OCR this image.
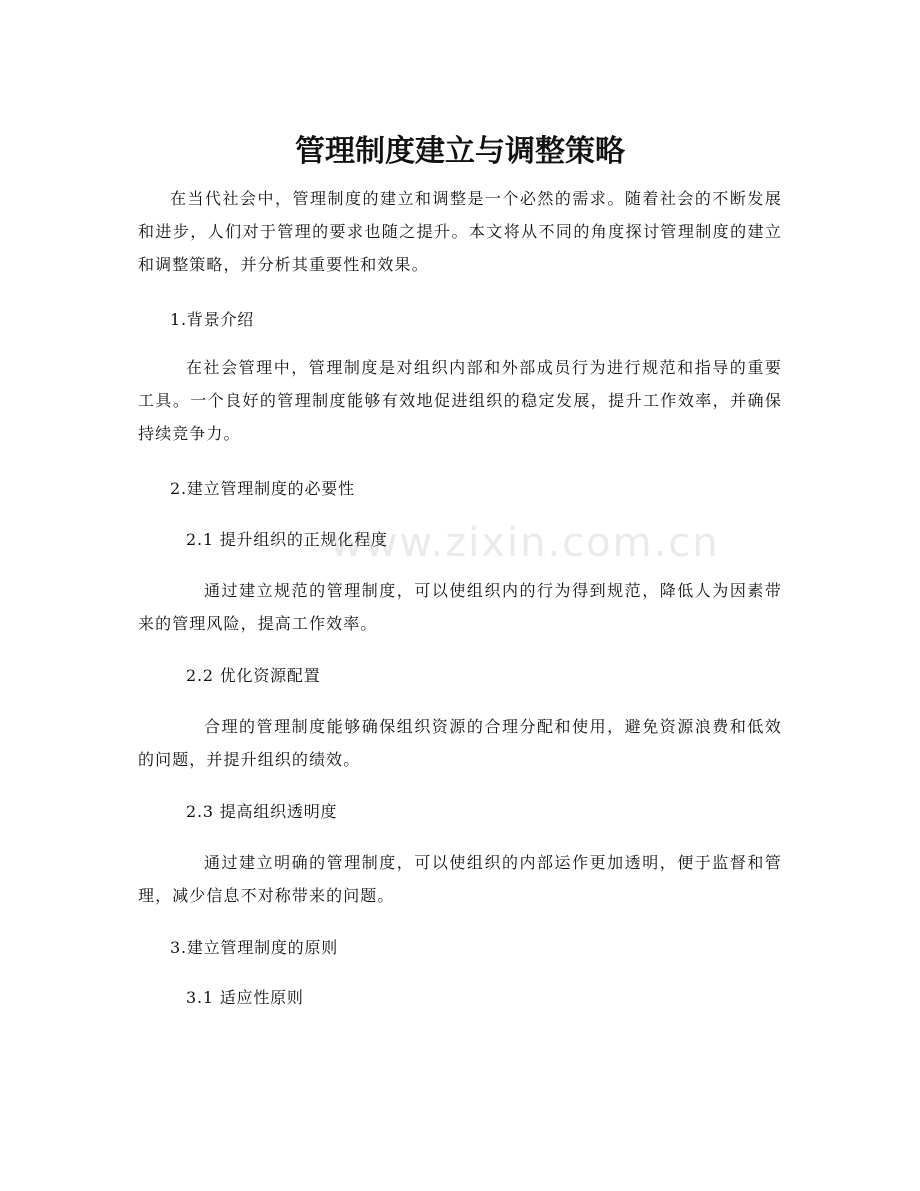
www.zixin.com.cn
管理制度建立与调整策略

在当代社会中，管理制度的建立和调整是一个必然的需求。随着社会的不断发展和进步，人们对于管理的要求也随之提升。本文将从不同的角度探讨管理制度的建立和调整策略，并分析其重要性和效果。

1.背景介绍

在社会管理中，管理制度是对组织内部和外部成员行为进行规范和指导的重要工具。一个良好的管理制度能够有效地促进组织的稳定发展，提升工作效率，并确保持续竞争力。

2.建立管理制度的必要性

2.1 提升组织的正规化程度

通过建立规范的管理制度，可以使组织内的行为得到规范，降低人为因素带来的管理风险，提高工作效率。

2.2 优化资源配置

合理的管理制度能够确保组织资源的合理分配和使用，避免资源浪费和低效的问题，并提升组织的绩效。

2.3 提高组织透明度

通过建立明确的管理制度，可以使组织的内部运作更加透明，便于监督和管理，减少信息不对称带来的问题。

3.建立管理制度的原则

3.1 适应性原则
